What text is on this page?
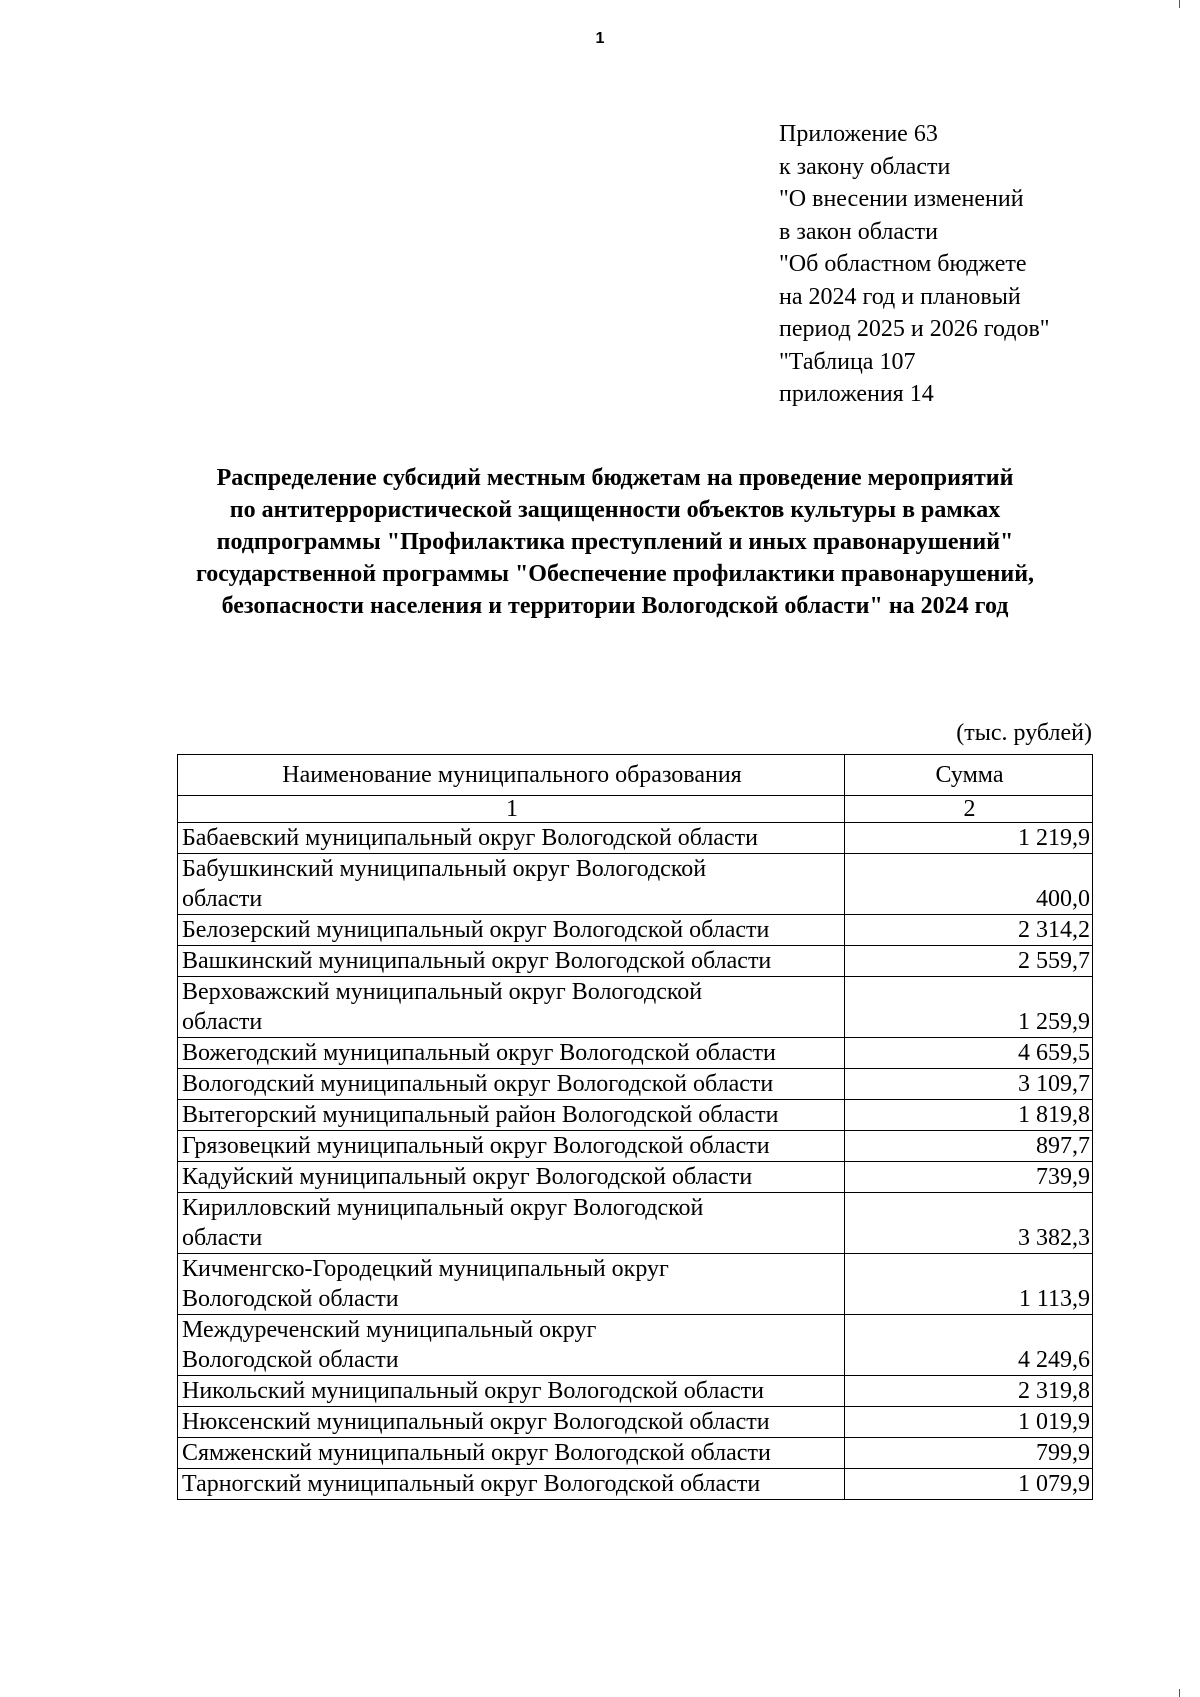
1
Приложение 63
к закону области
"О внесении изменений
в закон области
"Об областном бюджете
на 2024 год и плановый
период 2025 и 2026 годов"
"Таблица 107
приложения 14
Распределение субсидий местным бюджетам на проведение мероприятий
по антитеррористической защищенности объектов культуры в рамках
подпрограммы "Профилактика преступлений и иных правонарушений"
государственной программы "Обеспечение профилактики правонарушений,
безопасности населения и территории Вологодской области" на 2024 год
(тыс. рублей)
Наименование муниципального образования	Сумма
1	2

Бабаевский муниципальный округ Вологодской области	1 219,9

Бабушкинский муниципальный округ Вологодской
области	400,0

Белозерский муниципальный округ Вологодской области	2 314,2

Вашкинский муниципальный округ Вологодской области	2 559,7

Верховажский муниципальный округ Вологодской
области	1 259,9

Вожегодский муниципальный округ Вологодской области	4 659,5

Вологодский муниципальный округ Вологодской области	3 109,7

Вытегорский муниципальный район Вологодской области	1 819,8

Грязовецкий муниципальный округ Вологодской области	897,7

Кадуйский муниципальный округ Вологодской области	739,9

Кирилловский муниципальный округ Вологодской
области	3 382,3

Кичменгско-Городецкий муниципальный округ
Вологодской области	1 113,9

Междуреченский муниципальный округ
Вологодской области	4 249,6

Никольский муниципальный округ Вологодской области	2 319,8

Нюксенский муниципальный округ Вологодской области	1 019,9

Сямженский муниципальный округ Вологодской области	799,9

Тарногский муниципальный округ Вологодской области	1 079,9
